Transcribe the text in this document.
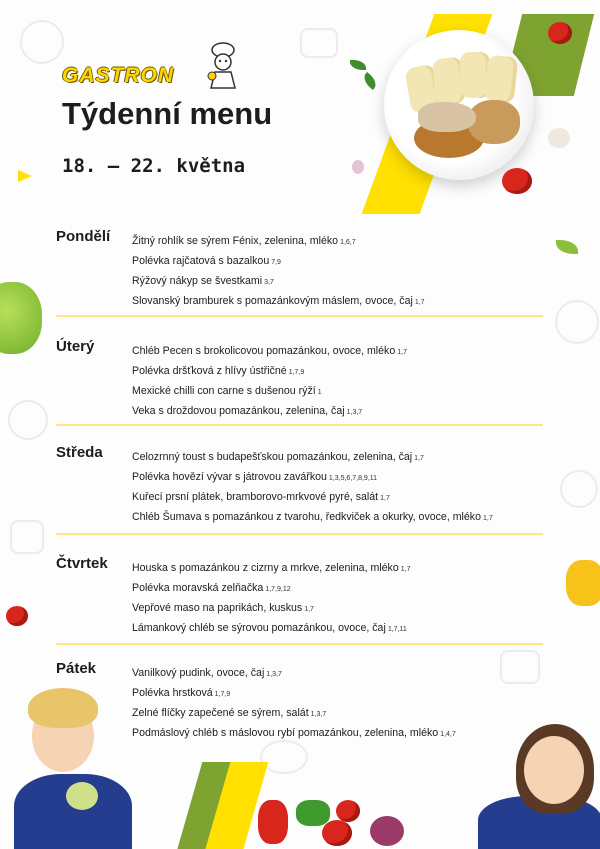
GASTRON
Týdenní menu
18. – 22. května
Pondělí Žitný rohlík se sýrem Fénix, zelenina, mléko 1,6,7
Polévka rajčatová s bazalkou 7,9
Rýžový nákyp se švestkami 3,7
Slovanský bramburek s pomazánkovým máslem, ovoce, čaj 1,7
Úterý	Chléb Pecen s brokolicovou pomazánkou, ovoce, mléko 1,7
Polévka dršťková z hlívy ústřičné 1,7,9
Mexické chilli con carne s dušenou rýží 1
Veka s droždovou pomazánkou, zelenina, čaj 1,3,7
Středa	Celozrnný toust s budapešťskou pomazánkou, zelenina, čaj 1,7
Polévka hovězí vývar s játrovou zavářkou 1,3,5,6,7,8,9,11
Kuřecí prsní plátek, bramborovo-mrkvové pyré, salát 1,7
Chléb Šumava s pomazánkou z tvarohu, ředkviček a okurky, ovoce, mléko 1,7
Čtvrtek Houska s pomazánkou z cizrny a mrkve, zelenina, mléko 1,7
Polévka moravská zelňačka 1,7,9,12
Vepřové maso na paprikách, kuskus 1,7
Lámankový chléb se sýrovou pomazánkou, ovoce, čaj 1,7,11
Pátek	Vanilkový pudink, ovoce, čaj 1,3,7
Polévka hrstková 1,7,9
Zelné flíčky zapečené se sýrem, salát 1,3,7
Podmáslový chléb s máslovou rybí pomazánkou, zelenina, mléko 1,4,7
